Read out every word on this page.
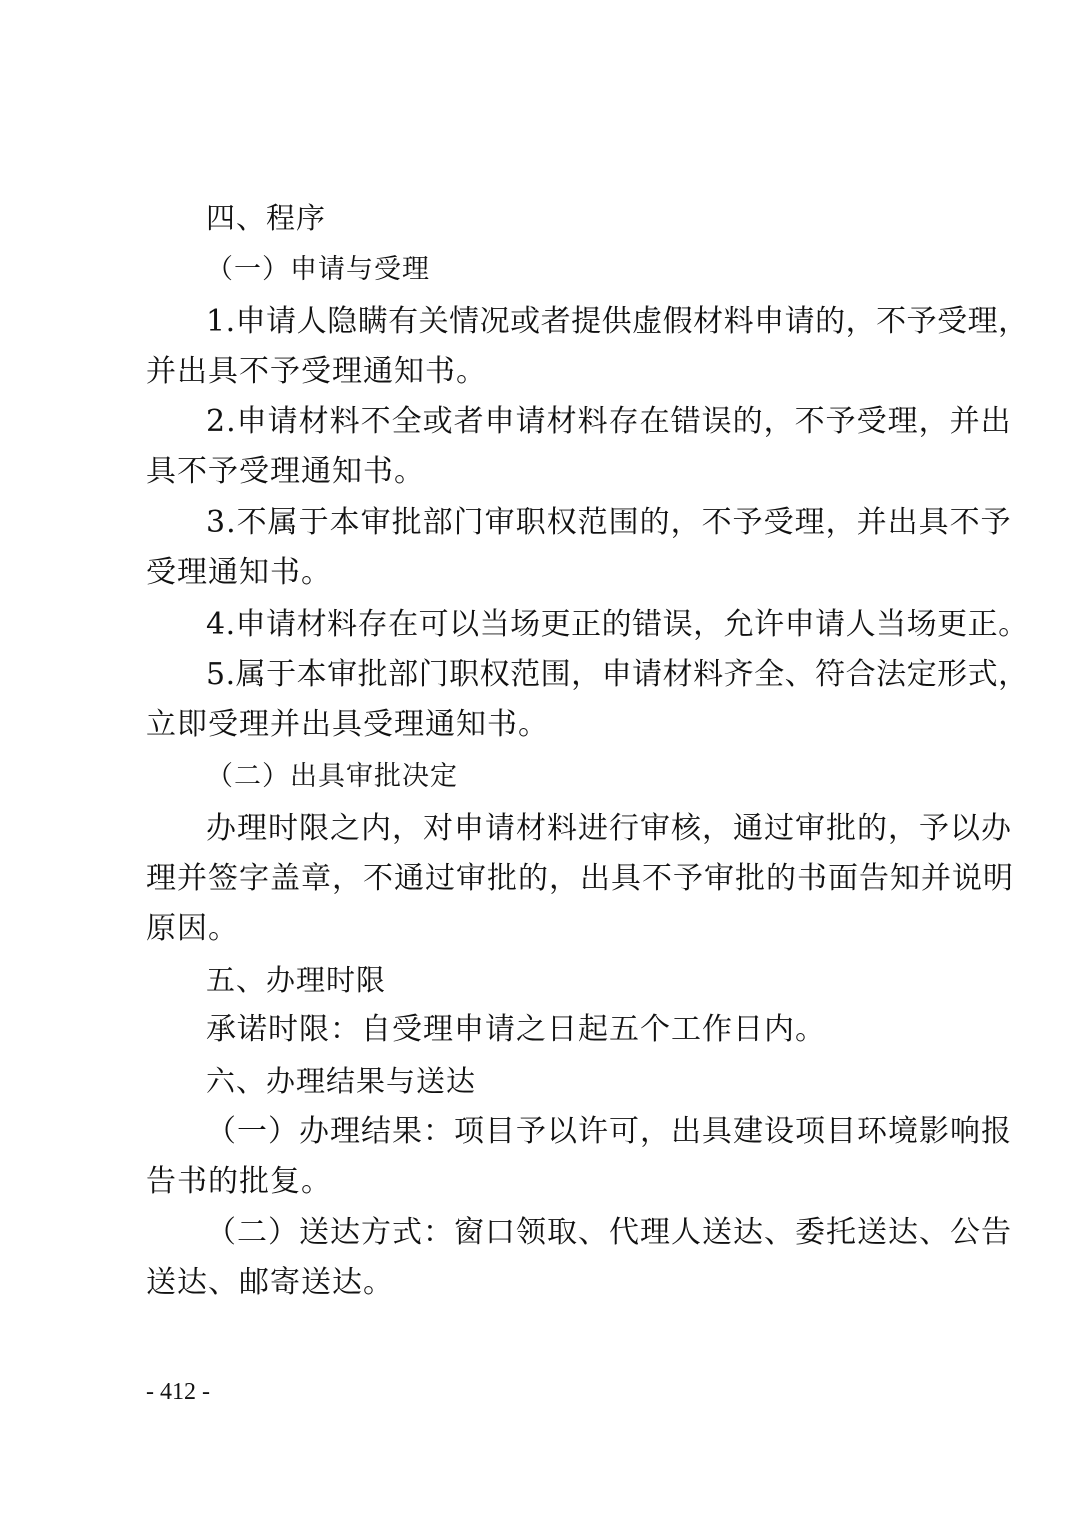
四、程序
（一）申请与受理
1.申请人隐瞒有关情况或者提供虚假材料申请的，不予受理，
并出具不予受理通知书。
2.申请材料不全或者申请材料存在错误的，不予受理，并出
具不予受理通知书。
3.不属于本审批部门审职权范围的，不予受理，并出具不予
受理通知书。
4.申请材料存在可以当场更正的错误，允许申请人当场更正。
5.属于本审批部门职权范围，申请材料齐全、符合法定形式，
立即受理并出具受理通知书。
（二）出具审批决定
办理时限之内，对申请材料进行审核，通过审批的，予以办
理并签字盖章，不通过审批的，出具不予审批的书面告知并说明
原因。
五、办理时限
承诺时限：自受理申请之日起五个工作日内。
六、办理结果与送达
（一）办理结果：项目予以许可，出具建设项目环境影响报
告书的批复。
（二）送达方式：窗口领取、代理人送达、委托送达、公告
送达、邮寄送达。
- 412 -
